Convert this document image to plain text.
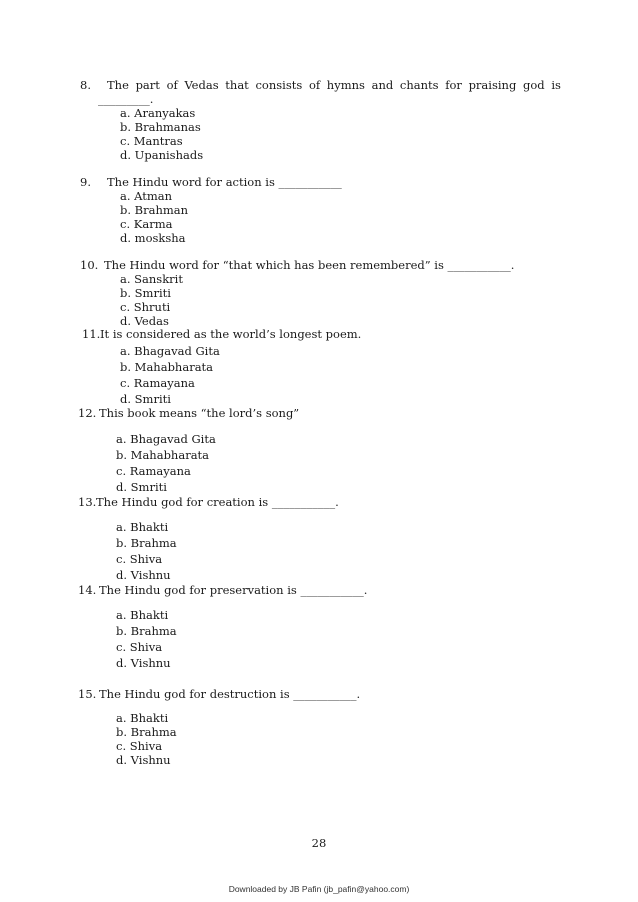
8. The part of Vedas that consists of hymns and chants for praising god is
_________.
a. Aranyakas
b. Brahmanas
c. Mantras
d. Upanishads
9. The Hindu word for action is ___________
a. Atman
b. Brahman
c. Karma
d. mosksha
10. The Hindu word for “that which has been remembered” is ___________.
a. Sanskrit
b. Smriti
c. Shruti
d. Vedas
11. It is considered as the world’s longest poem.
a. Bhagavad Gita
b. Mahabharata
c. Ramayana
d. Smriti
12. This book means “the lord’s song”
a. Bhagavad Gita
b. Mahabharata
c. Ramayana
d. Smriti
13. The Hindu god for creation is ___________.
a. Bhakti
b. Brahma
c. Shiva
d. Vishnu
14. The Hindu god for preservation is ___________.
a. Bhakti
b. Brahma
c. Shiva
d. Vishnu
15. The Hindu god for destruction is ___________.
a. Bhakti
b. Brahma
c. Shiva
d. Vishnu
28
Downloaded by JB Pafin (jb_pafin@yahoo.com)
